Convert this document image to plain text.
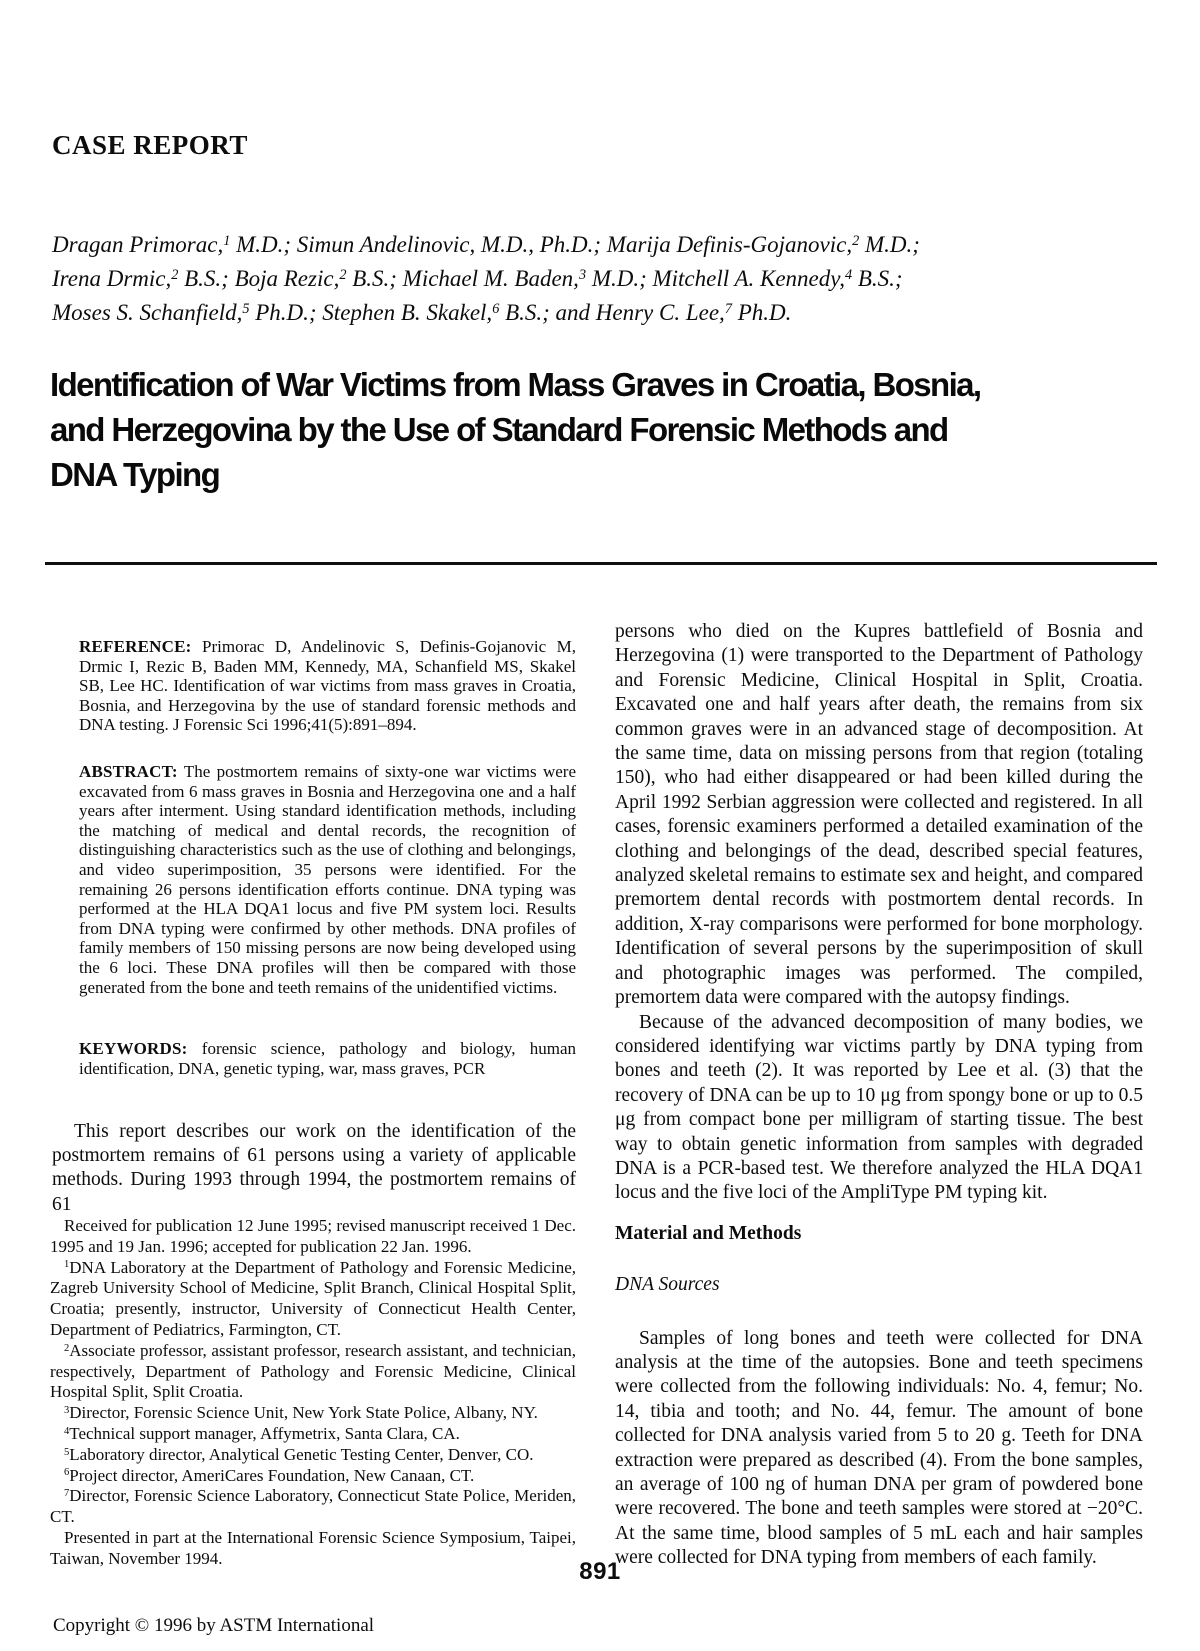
CASE REPORT
Dragan Primorac,$^1$ M.D.; Simun Andelinovic, M.D., Ph.D.; Marija Definis-Gojanovic,$^2$ M.D.;
Irena Drmic,$^2$ B.S.; Boja Rezic,$^2$ B.S.; Michael M. Baden,$^3$ M.D.; Mitchell A. Kennedy,$^4$ B.S.;
Moses S. Schanfield,$^5$ Ph.D.; Stephen B. Skakel,$^6$ B.S.; and Henry C. Lee,$^7$ Ph.D.
Identification of War Victims from Mass Graves in Croatia, Bosnia,
and Herzegovina by the Use of Standard Forensic Methods and
DNA Typing

REFERENCE: Primorac D, Andelinovic S, Definis-Gojanovic M, Drmic I, Rezic B, Baden MM, Kennedy, MA, Schanfield MS, Skakel SB, Lee HC. Identification of war victims from mass graves in Croatia, Bosnia, and Herzegovina by the use of standard forensic methods and DNA testing. J Forensic Sci 1996;41(5):891–894.

ABSTRACT: The postmortem remains of sixty-one war victims were excavated from 6 mass graves in Bosnia and Herzegovina one and a half years after interment. Using standard identification methods, including the matching of medical and dental records, the recognition of distinguishing characteristics such as the use of clothing and belongings, and video superimposition, 35 persons were identified. For the remaining 26 persons identification efforts continue. DNA typing was performed at the HLA DQA1 locus and five PM system loci. Results from DNA typing were confirmed by other methods. DNA profiles of family members of 150 missing persons are now being developed using the 6 loci. These DNA profiles will then be compared with those generated from the bone and teeth remains of the unidentified victims.

KEYWORDS: forensic science, pathology and biology, human identification, DNA, genetic typing, war, mass graves, PCR

This report describes our work on the identification of the postmortem remains of 61 persons using a variety of applicable methods. During 1993 through 1994, the postmortem remains of 61

Received for publication 12 June 1995; revised manuscript received 1 Dec. 1995 and 19 Jan. 1996; accepted for publication 22 Jan. 1996.

$^1$DNA Laboratory at the Department of Pathology and Forensic Medicine, Zagreb University School of Medicine, Split Branch, Clinical Hospital Split, Croatia; presently, instructor, University of Connecticut Health Center, Department of Pediatrics, Farmington, CT.

$^2$Associate professor, assistant professor, research assistant, and technician, respectively, Department of Pathology and Forensic Medicine, Clinical Hospital Split, Split Croatia.

$^3$Director, Forensic Science Unit, New York State Police, Albany, NY.

$^4$Technical support manager, Affymetrix, Santa Clara, CA.

$^5$Laboratory director, Analytical Genetic Testing Center, Denver, CO.

$^6$Project director, AmeriCares Foundation, New Canaan, CT.

$^7$Director, Forensic Science Laboratory, Connecticut State Police, Meriden, CT.

Presented in part at the International Forensic Science Symposium, Taipei, Taiwan, November 1994.

persons who died on the Kupres battlefield of Bosnia and Herzegovina (1) were transported to the Department of Pathology and Forensic Medicine, Clinical Hospital in Split, Croatia. Excavated one and half years after death, the remains from six common graves were in an advanced stage of decomposition. At the same time, data on missing persons from that region (totaling 150), who had either disappeared or had been killed during the April 1992 Serbian aggression were collected and registered. In all cases, forensic examiners performed a detailed examination of the clothing and belongings of the dead, described special features, analyzed skeletal remains to estimate sex and height, and compared premortem dental records with postmortem dental records. In addition, X-ray comparisons were performed for bone morphology. Identification of several persons by the superimposition of skull and photographic images was performed. The compiled, premortem data were compared with the autopsy findings.

Because of the advanced decomposition of many bodies, we considered identifying war victims partly by DNA typing from bones and teeth (2). It was reported by Lee et al. (3) that the recovery of DNA can be up to 10 μg from spongy bone or up to 0.5 μg from compact bone per milligram of starting tissue. The best way to obtain genetic information from samples with degraded DNA is a PCR-based test. We therefore analyzed the HLA DQA1 locus and the five loci of the AmpliType PM typing kit.

Material and Methods
DNA Sources

Samples of long bones and teeth were collected for DNA analysis at the time of the autopsies. Bone and teeth specimens were collected from the following individuals: No. 4, femur; No. 14, tibia and tooth; and No. 44, femur. The amount of bone collected for DNA analysis varied from 5 to 20 g. Teeth for DNA extraction were prepared as described (4). From the bone samples, an average of 100 ng of human DNA per gram of powdered bone were recovered. The bone and teeth samples were stored at −20°C. At the same time, blood samples of 5 mL each and hair samples were collected for DNA typing from members of each family.

891
Copyright © 1996 by ASTM International
